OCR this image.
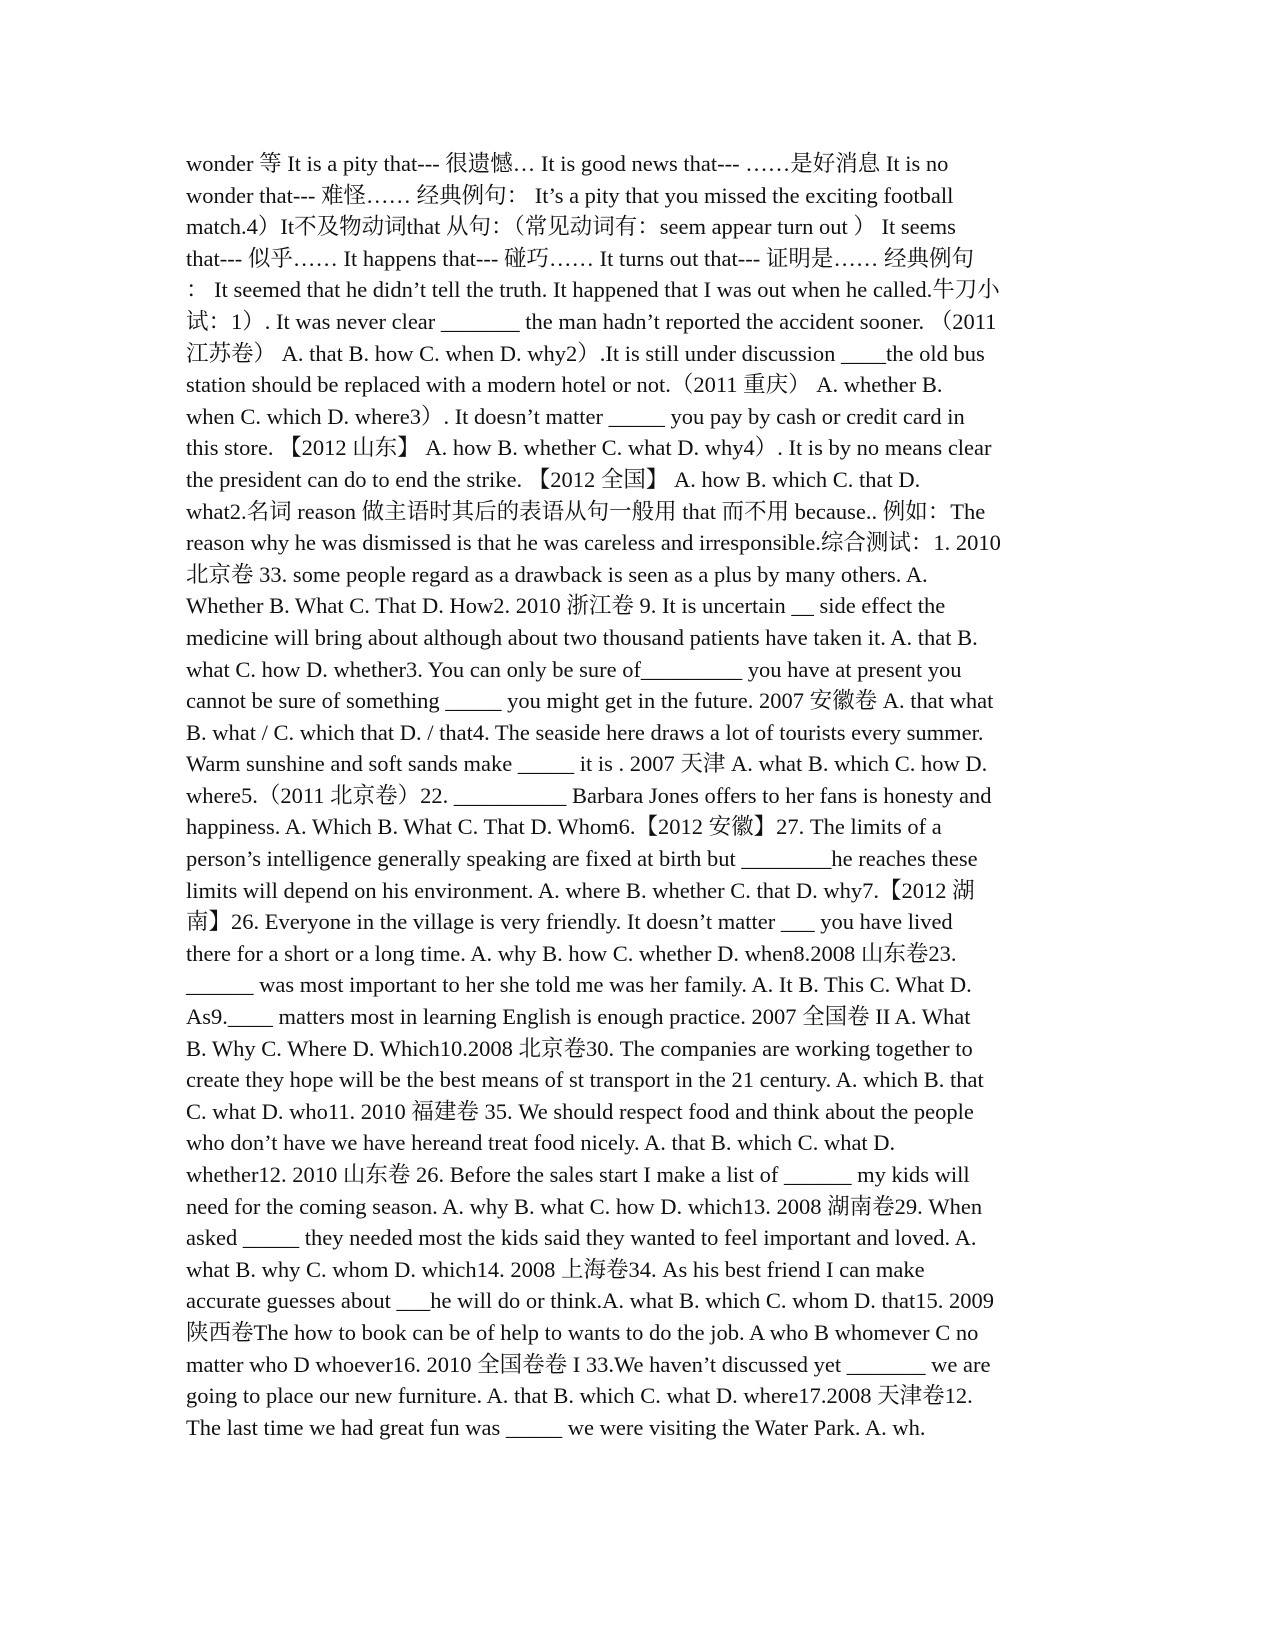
wonder 等 It is a pity that--- 很遗憾… It is good news that--- ……是好消息 It is no
wonder that--- 难怪…… 经典例句： It’s a pity that you missed the exciting football
match.4）It不及物动词that 从句：（常见动词有：seem appear turn out ） It seems
that--- 似乎…… It happens that--- 碰巧…… It turns out that--- 证明是…… 经典例句
： It seemed that he didn’t tell the truth. It happened that I was out when he called.牛刀小
试：1）. It was never clear _______ the man hadn’t reported the accident sooner. （2011
江苏卷） A. that B. how C. when D. why2）.It is still under discussion ____the old bus
station should be replaced with a modern hotel or not.（2011 重庆） A. whether B.
when C. which D. where3）. It doesn’t matter _____ you pay by cash or credit card in
this store. 【2012 山东】 A. how B. whether C. what D. why4）. It is by no means clear
the president can do to end the strike. 【2012 全国】 A. how B. which C. that D.
what2.名词 reason 做主语时其后的表语从句一般用 that 而不用 because.. 例如：The
reason why he was dismissed is that he was careless and irresponsible.综合测试：1. 2010
北京卷 33. some people regard as a drawback is seen as a plus by many others. A.
Whether B. What C. That D. How2. 2010 浙江卷 9. It is uncertain __ side effect the
medicine will bring about although about two thousand patients have taken it. A. that B.
what C. how D. whether3. You can only be sure of_________ you have at present you
cannot be sure of something _____ you might get in the future. 2007 安徽卷 A. that what
B. what / C. which that D. / that4. The seaside here draws a lot of tourists every summer.
Warm sunshine and soft sands make _____ it is . 2007 天津 A. what B. which C. how D.
where5.（2011 北京卷）22. __________ Barbara Jones offers to her fans is honesty and
happiness. A. Which B. What C. That D. Whom6.【2012 安徽】27. The limits of a
person’s intelligence generally speaking are fixed at birth but ________he reaches these
limits will depend on his environment. A. where B. whether C. that D. why7.【2012 湖
南】26. Everyone in the village is very friendly. It doesn’t matter ___ you have lived
there for a short or a long time. A. why B. how C. whether D. when8.2008 山东卷23.
______ was most important to her she told me was her family. A. It B. This C. What D.
As9.____ matters most in learning English is enough practice. 2007 全国卷 II A. What
B. Why C. Where D. Which10.2008 北京卷30. The companies are working together to
create they hope will be the best means of st transport in the 21 century. A. which B. that
C. what D. who11. 2010 福建卷 35. We should respect food and think about the people
who don’t have we have hereand treat food nicely. A. that B. which C. what D.
whether12. 2010 山东卷 26. Before the sales start I make a list of ______ my kids will
need for the coming season. A. why B. what C. how D. which13. 2008 湖南卷29. When
asked _____ they needed most the kids said they wanted to feel important and loved. A.
what B. why C. whom D. which14. 2008 上海卷34. As his best friend I can make
accurate guesses about ___he will do or think.A. what B. which C. whom D. that15. 2009
陕西卷The how to book can be of help to wants to do the job. A who B whomever C no
matter who D whoever16. 2010 全国卷卷 I 33.We haven’t discussed yet _______ we are
going to place our new furniture. A. that B. which C. what D. where17.2008 天津卷12.
The last time we had great fun was _____ we were visiting the Water Park. A. wh.
